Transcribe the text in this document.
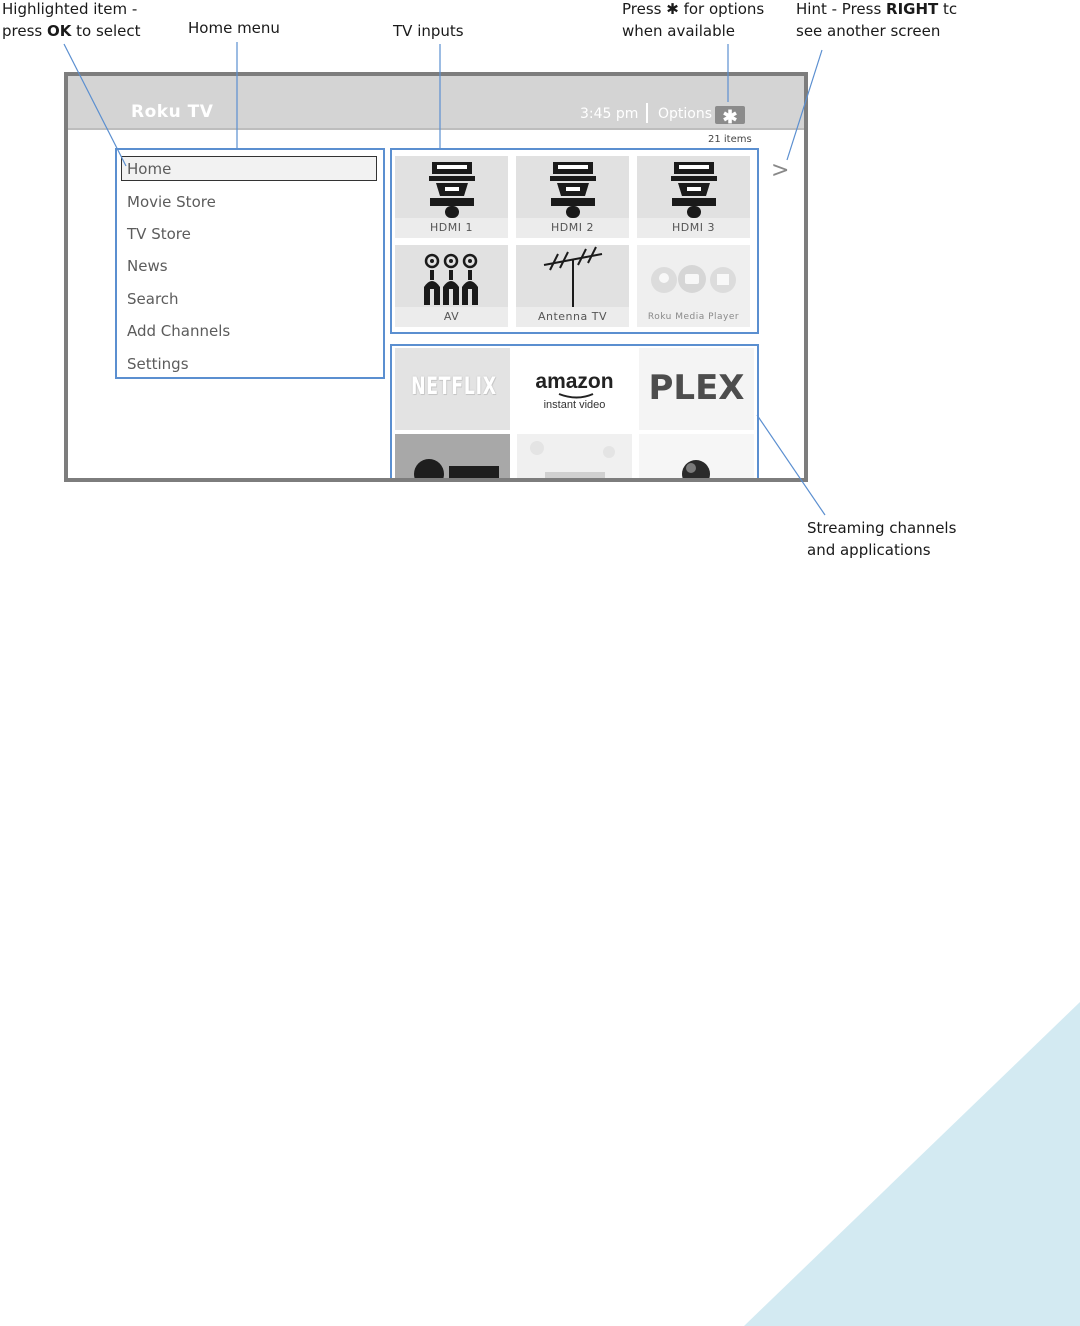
Highlighted item -
press OK to select	Home menu	TV inputs

Press ✱ for options
when available

Hint - Press RIGHT tc
see another screen

Streaming channels
and applications

Roku TV	3:45 pm Options ✱
21 items
Home
Movie Store
TV Store
News
Search
Add Channels
Settings
HDMI 1	HDMI 2	HDMI 3
AV	Antenna TV	Roku Media Player
NETFLIX	amazon
instant video	PLEX
>
